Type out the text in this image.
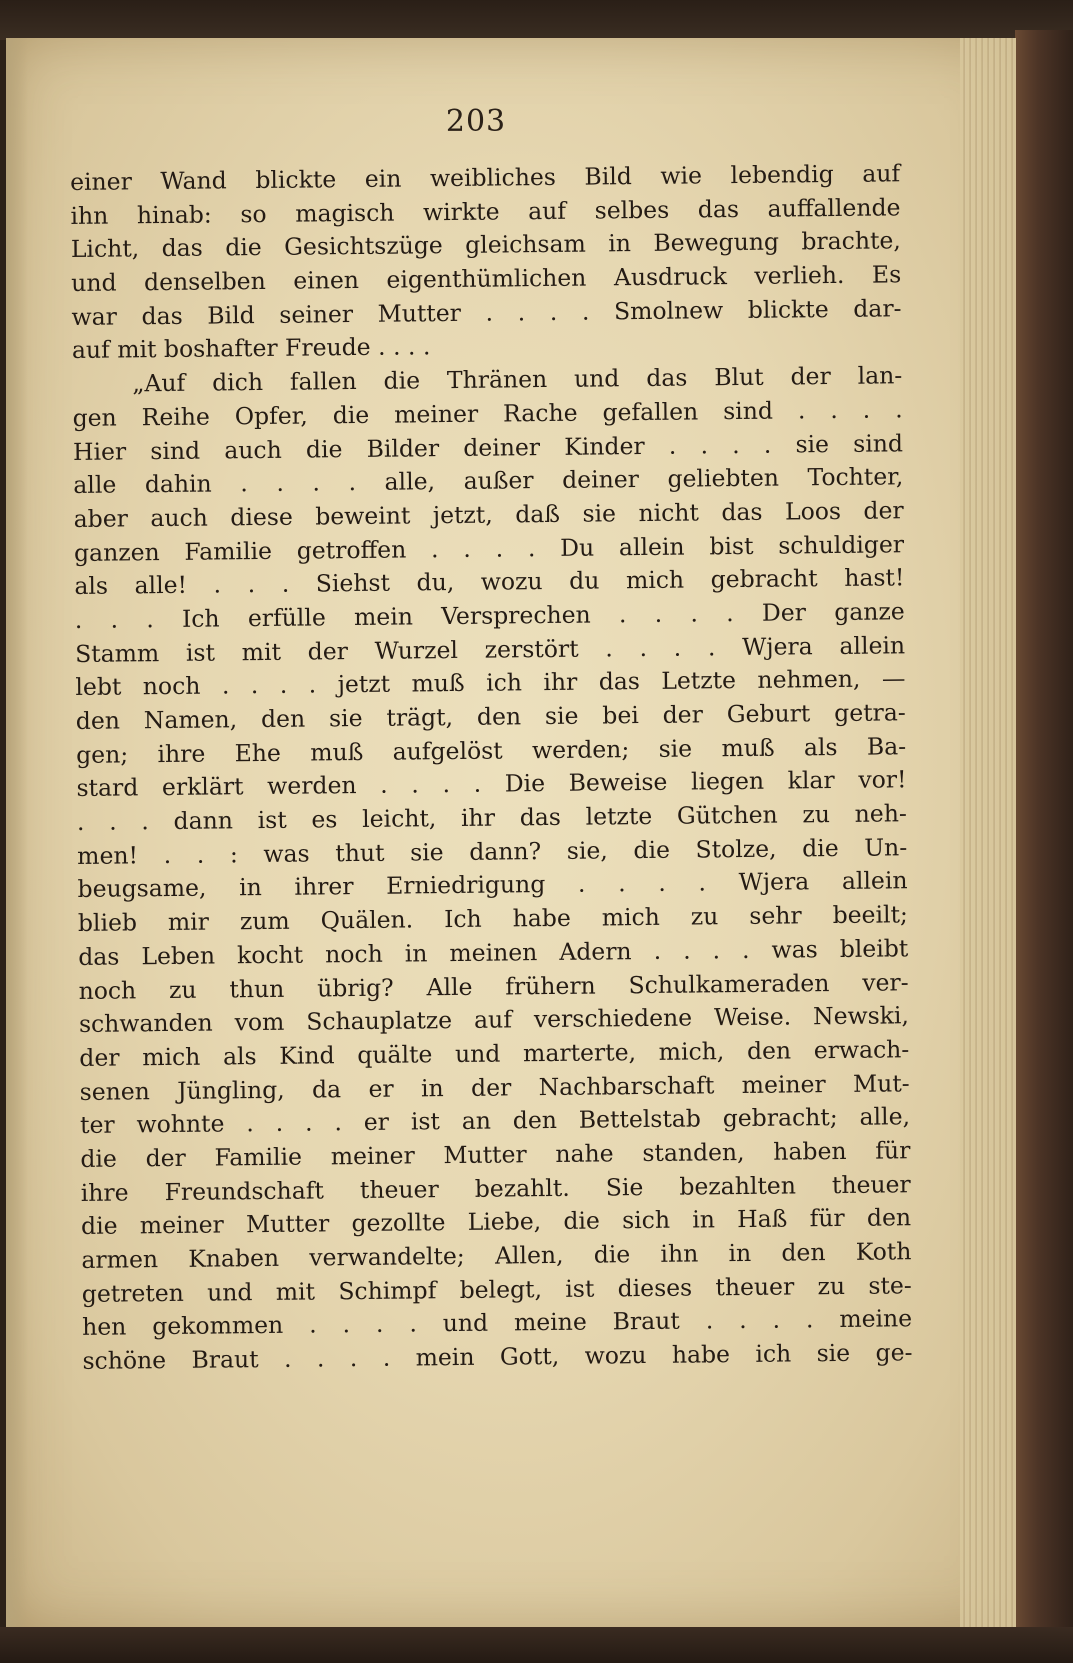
203
einer Wand blickte ein weibliches Bild wie lebendig auf
ihn hinab: so magisch wirkte auf selbes das auffallende
Licht, das die Gesichtszüge gleichsam in Bewegung brachte,
und denselben einen eigenthümlichen Ausdruck verlieh. Es
war das Bild seiner Mutter . . . . Smolnew blickte dar-
auf mit boshafter Freude . . . .
„Auf dich fallen die Thränen und das Blut der lan-
gen Reihe Opfer, die meiner Rache gefallen sind . . . .
Hier sind auch die Bilder deiner Kinder . . . . sie sind
alle dahin . . . . alle, außer deiner geliebten Tochter,
aber auch diese beweint jetzt, daß sie nicht das Loos der
ganzen Familie getroffen . . . . Du allein bist schuldiger
als alle! . . . Siehst du, wozu du mich gebracht hast!
. . . Ich erfülle mein Versprechen . . . . Der ganze
Stamm ist mit der Wurzel zerstört . . . . Wjera allein
lebt noch . . . . jetzt muß ich ihr das Letzte nehmen, —
den Namen, den sie trägt, den sie bei der Geburt getra-
gen; ihre Ehe muß aufgelöst werden; sie muß als Ba-
stard erklärt werden . . . . Die Beweise liegen klar vor!
. . . dann ist es leicht, ihr das letzte Gütchen zu neh-
men! . . : was thut sie dann? sie, die Stolze, die Un-
beugsame, in ihrer Erniedrigung . . . . Wjera allein
blieb mir zum Quälen. Ich habe mich zu sehr beeilt;
das Leben kocht noch in meinen Adern . . . . was bleibt
noch zu thun übrig? Alle frühern Schulkameraden ver-
schwanden vom Schauplatze auf verschiedene Weise. Newski,
der mich als Kind quälte und marterte, mich, den erwach-
senen Jüngling, da er in der Nachbarschaft meiner Mut-
ter wohnte . . . . er ist an den Bettelstab gebracht; alle,
die der Familie meiner Mutter nahe standen, haben für
ihre Freundschaft theuer bezahlt. Sie bezahlten theuer
die meiner Mutter gezollte Liebe, die sich in Haß für den
armen Knaben verwandelte; Allen, die ihn in den Koth
getreten und mit Schimpf belegt, ist dieses theuer zu ste-
hen gekommen . . . . und meine Braut . . . . meine
schöne Braut . . . . mein Gott, wozu habe ich sie ge-
